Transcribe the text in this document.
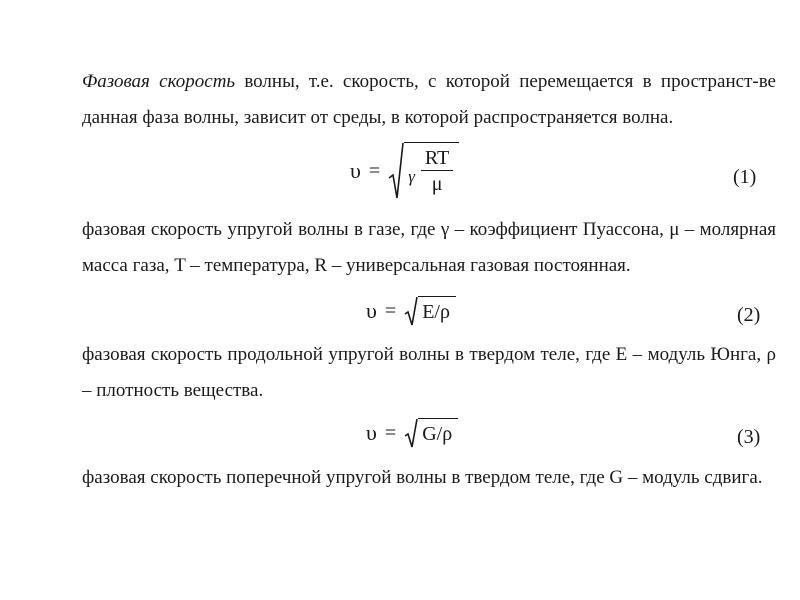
Фазовая скорость волны, т.е. скорость, с которой перемещается в пространст-ве данная фаза волны, зависит от среды, в которой распространяется волна.

υ = γ $\frac{RT}{\mu}$	(1)

фазовая скорость упругой волны в газе, где γ – коэффициент Пуассона, μ – молярная масса газа, T – температура, R – универсальная газовая постоянная.

υ = E/ρ	(2)

фазовая скорость продольной упругой волны в твердом теле, где Е – модуль Юнга, ρ – плотность вещества.

υ = G/ρ	(3)

фазовая скорость поперечной упругой волны в твердом теле, где G – модуль сдвига.
